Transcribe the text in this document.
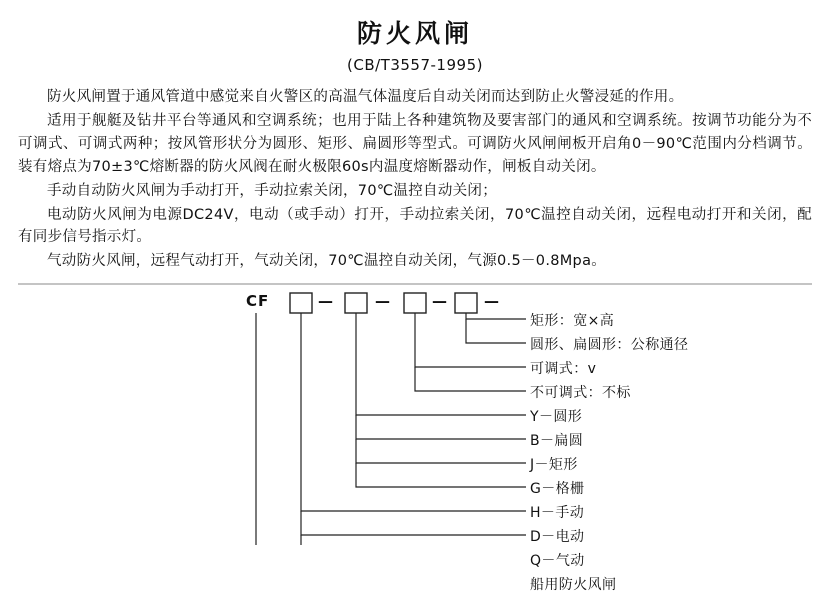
防火风闸
(CB/T3557-1995)

防火风闸置于通风管道中感觉来自火警区的高温气体温度后自动关闭而达到防止火警浸延的作用。

适用于舰艇及钻井平台等通风和空调系统；也用于陆上各种建筑物及要害部门的通风和空调系统。按调节功能分为不可调式、可调式两种；按风管形状分为圆形、矩形、扁圆形等型式。可调防火风闸闸板开启角0－90℃范围内分档调节。装有熔点为70±3℃熔断器的防火风阀在耐火极限60s内温度熔断器动作，闸板自动关闭。

手动自动防火风闸为手动打开，手动拉索关闭，70℃温控自动关闭；

电动防火风闸为电源DC24V，电动（或手动）打开，手动拉索关闭，70℃温控自动关闭，远程电动打开和关闭，配有同步信号指示灯。

气动防火风闸，远程气动打开，气动关闭，70℃温控自动关闭，气源0.5－0.8Mpa。

CF	—	—	— —
矩形：宽×高
圆形、扁圆形：公称通径
可调式：v
不可调式：不标
Y－圆形
B－扁圆
J－矩形
G－格栅
H－手动
D－电动
Q－气动
船用防火风闸
